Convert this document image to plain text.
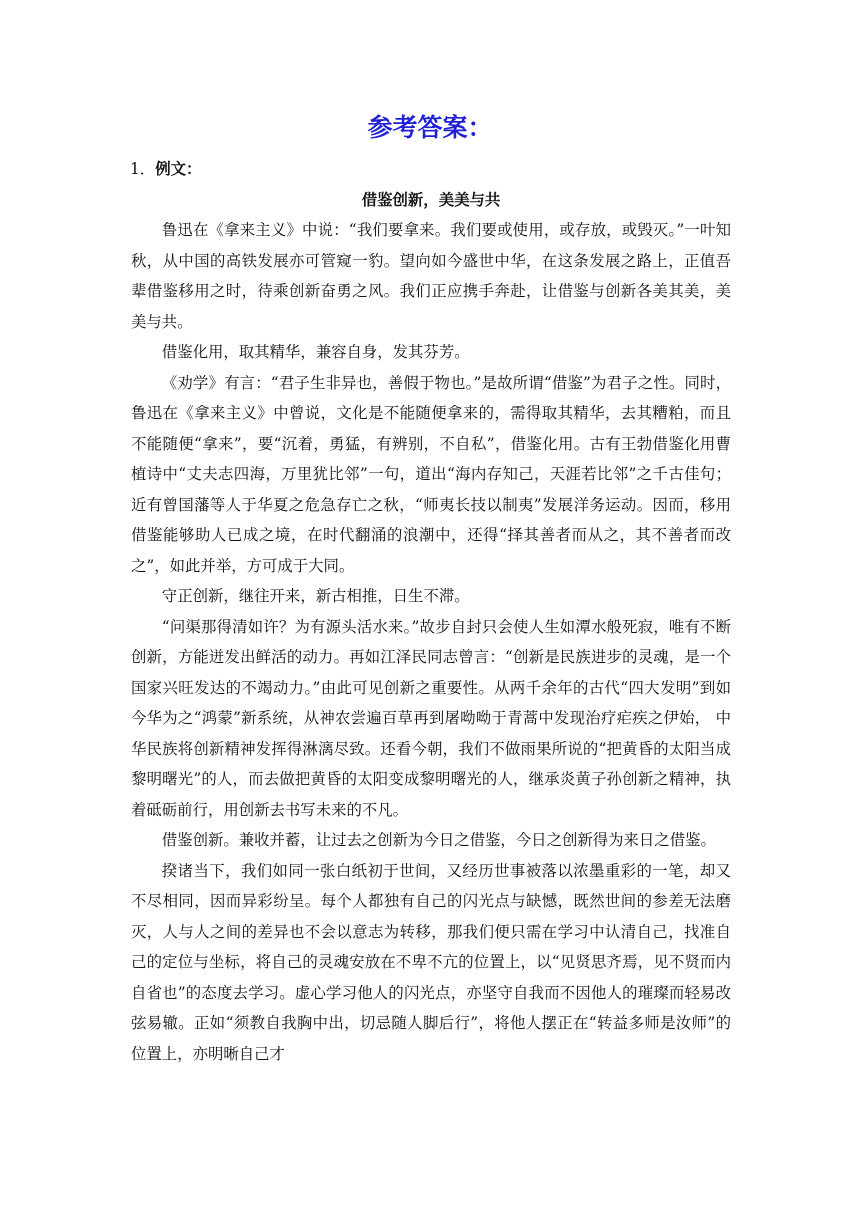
参考答案：

1．例文：

借鉴创新，美美与共

鲁迅在《拿来主义》中说：“我们要拿来。我们要或使用，或存放，或毁灭。”一叶知秋，从中国的高铁发展亦可管窥一豹。望向如今盛世中华，在这条发展之路上，正值吾辈借鉴移用之时，待乘创新奋勇之风。我们正应携手奔赴，让借鉴与创新各美其美，美美与共。

借鉴化用，取其精华，兼容自身，发其芬芳。

《劝学》有言：“君子生非异也，善假于物也。”是故所谓“借鉴”为君子之性。同时，鲁迅在《拿来主义》中曾说，文化是不能随便拿来的，需得取其精华，去其糟粕，而且不能随便“拿来”，要“沉着，勇猛，有辨别，不自私”，借鉴化用。古有王勃借鉴化用曹植诗中“丈夫志四海，万里犹比邻”一句，道出“海内存知己，天涯若比邻”之千古佳句；近有曾国藩等人于华夏之危急存亡之秋，“师夷长技以制夷”发展洋务运动。因而，移用借鉴能够助人已成之境，在时代翻涌的浪潮中，还得“择其善者而从之，其不善者而改之”，如此并举，方可成于大同。

守正创新，继往开来，新古相推，日生不滞。

“问渠那得清如许？为有源头活水来。”故步自封只会使人生如潭水般死寂，唯有不断创新，方能迸发出鲜活的动力。再如江泽民同志曾言：“创新是民族进步的灵魂，是一个国家兴旺发达的不竭动力。”由此可见创新之重要性。从两千余年的古代“四大发明”到如今华为之“鸿蒙”新系统，从神农尝遍百草再到屠呦呦于青蒿中发现治疗疟疾之伊始， 中华民族将创新精神发挥得淋漓尽致。还看今朝，我们不做雨果所说的“把黄昏的太阳当成黎明曙光”的人，而去做把黄昏的太阳变成黎明曙光的人，继承炎黄子孙创新之精神，执着砥砺前行，用创新去书写未来的不凡。

借鉴创新。兼收并蓄，让过去之创新为今日之借鉴，今日之创新得为来日之借鉴。

揆诸当下，我们如同一张白纸初于世间，又经历世事被落以浓墨重彩的一笔，却又不尽相同，因而异彩纷呈。每个人都独有自己的闪光点与缺憾，既然世间的参差无法磨灭，人与人之间的差异也不会以意志为转移，那我们便只需在学习中认清自己，找准自己的定位与坐标，将自己的灵魂安放在不卑不亢的位置上，以“见贤思齐焉，见不贤而内自省也”的态度去学习。虚心学习他人的闪光点，亦坚守自我而不因他人的璀璨而轻易改弦易辙。正如“须教自我胸中出，切忌随人脚后行”，将他人摆正在“转益多师是汝师”的位置上，亦明晰自己才
